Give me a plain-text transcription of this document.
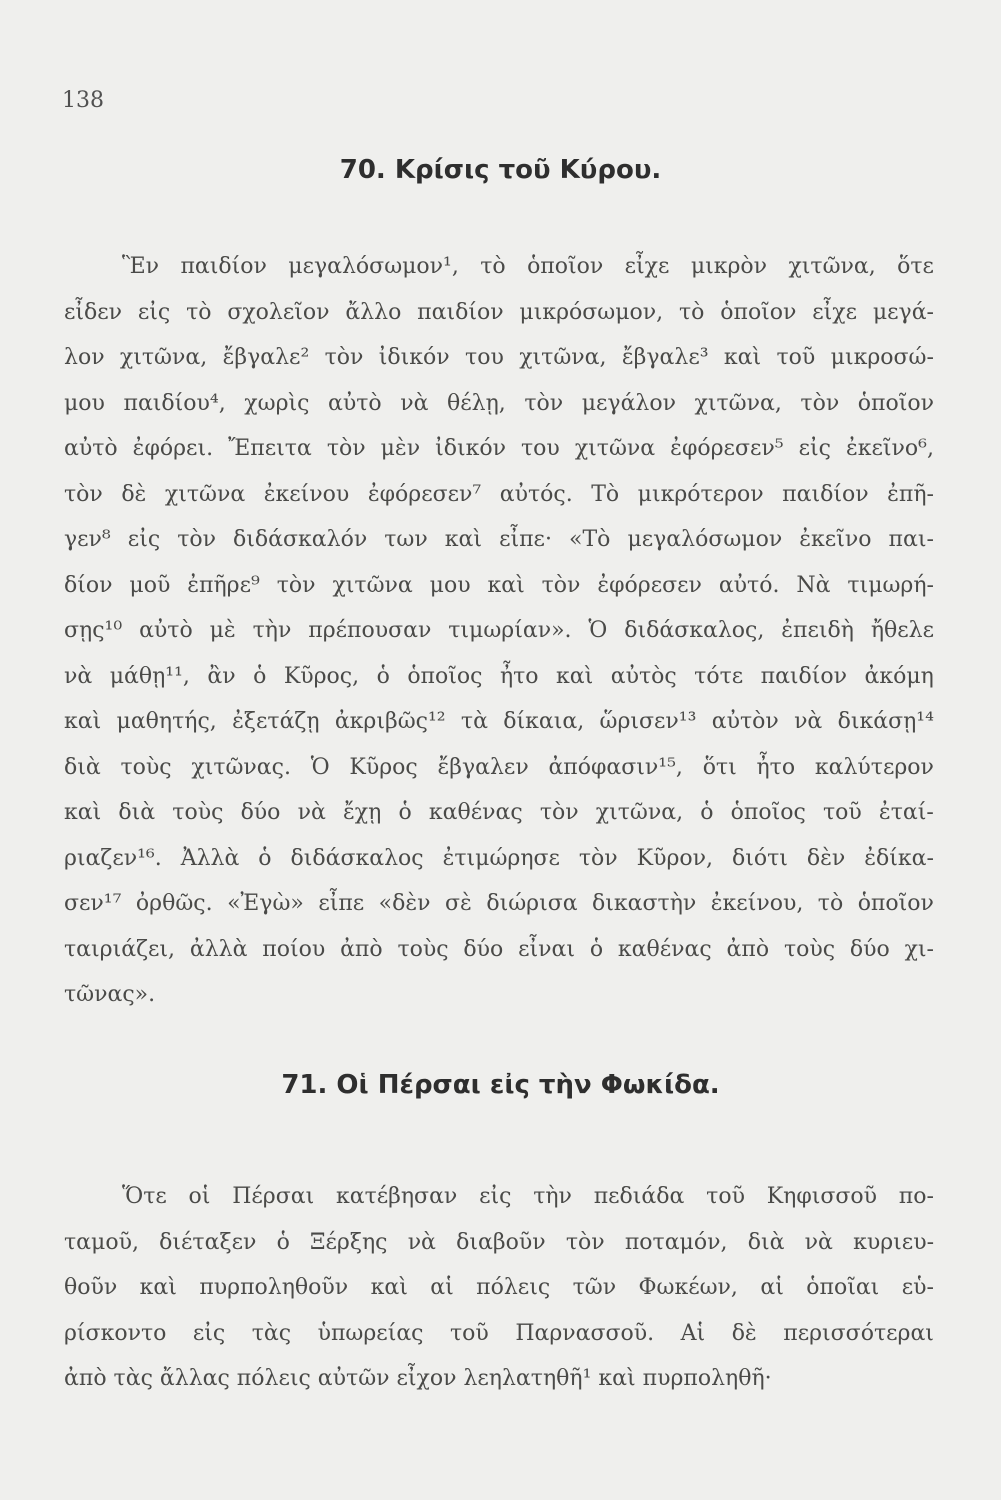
138
70. Κρίσις τοῦ Κύρου.
Ἓν παιδίον μεγαλόσωμον¹, τὸ ὁποῖον εἶχε μικρὸν χιτῶνα, ὅτε
εἶδεν εἰς τὸ σχολεῖον ἄλλο παιδίον μικρόσωμον, τὸ ὁποῖον εἶχε μεγά-
λον χιτῶνα, ἔβγαλε² τὸν ἰδικόν του χιτῶνα, ἔβγαλε³ καὶ τοῦ μικροσώ-
μου παιδίου⁴, χωρὶς αὐτὸ νὰ θέλῃ, τὸν μεγάλον χιτῶνα, τὸν ὁποῖον
αὐτὸ ἐφόρει. Ἔπειτα τὸν μὲν ἰδικόν του χιτῶνα ἐφόρεσεν⁵ εἰς ἐκεῖνο⁶,
τὸν δὲ χιτῶνα ἐκείνου ἐφόρεσεν⁷ αὐτός. Τὸ μικρότερον παιδίον ἐπῆ-
γεν⁸ εἰς τὸν διδάσκαλόν των καὶ εἶπε· «Τὸ μεγαλόσωμον ἐκεῖνο παι-
δίον μοῦ ἐπῆρε⁹ τὸν χιτῶνα μου καὶ τὸν ἐφόρεσεν αὐτό. Νὰ τιμωρή-
σῃς¹⁰ αὐτὸ μὲ τὴν πρέπουσαν τιμωρίαν». Ὁ διδάσκαλος, ἐπειδὴ ἤθελε
νὰ μάθῃ¹¹, ἂν ὁ Κῦρος, ὁ ὁποῖος ἦτο καὶ αὐτὸς τότε παιδίον ἀκόμη
καὶ μαθητής, ἐξετάζῃ ἀκριβῶς¹² τὰ δίκαια, ὥρισεν¹³ αὐτὸν νὰ δικάσῃ¹⁴
διὰ τοὺς χιτῶνας. Ὁ Κῦρος ἔβγαλεν ἀπόφασιν¹⁵, ὅτι ἦτο καλύτερον
καὶ διὰ τοὺς δύο νὰ ἔχῃ ὁ καθένας τὸν χιτῶνα, ὁ ὁποῖος τοῦ ἐταί-
ριαζεν¹⁶. Ἀλλὰ ὁ διδάσκαλος ἐτιμώρησε τὸν Κῦρον, διότι δὲν ἐδίκα-
σεν¹⁷ ὀρθῶς. «Ἐγὼ» εἶπε «δὲν σὲ διώρισα δικαστὴν ἐκείνου, τὸ ὁποῖον
ταιριάζει, ἀλλὰ ποίου ἀπὸ τοὺς δύο εἶναι ὁ καθένας ἀπὸ τοὺς δύο χι-
τῶνας».
71. Οἱ Πέρσαι εἰς τὴν Φωκίδα.
Ὅτε οἱ Πέρσαι κατέβησαν εἰς τὴν πεδιάδα τοῦ Κηφισσοῦ πο-
ταμοῦ, διέταξεν ὁ Ξέρξης νὰ διαβοῦν τὸν ποταμόν, διὰ νὰ κυριευ-
θοῦν καὶ πυρποληθοῦν καὶ αἱ πόλεις τῶν Φωκέων, αἱ ὁποῖαι εὑ-
ρίσκοντο εἰς τὰς ὑπωρείας τοῦ Παρνασσοῦ. Αἱ δὲ περισσότεραι
ἀπὸ τὰς ἄλλας πόλεις αὐτῶν εἶχον λεηλατηθῆ¹ καὶ πυρποληθῆ·
